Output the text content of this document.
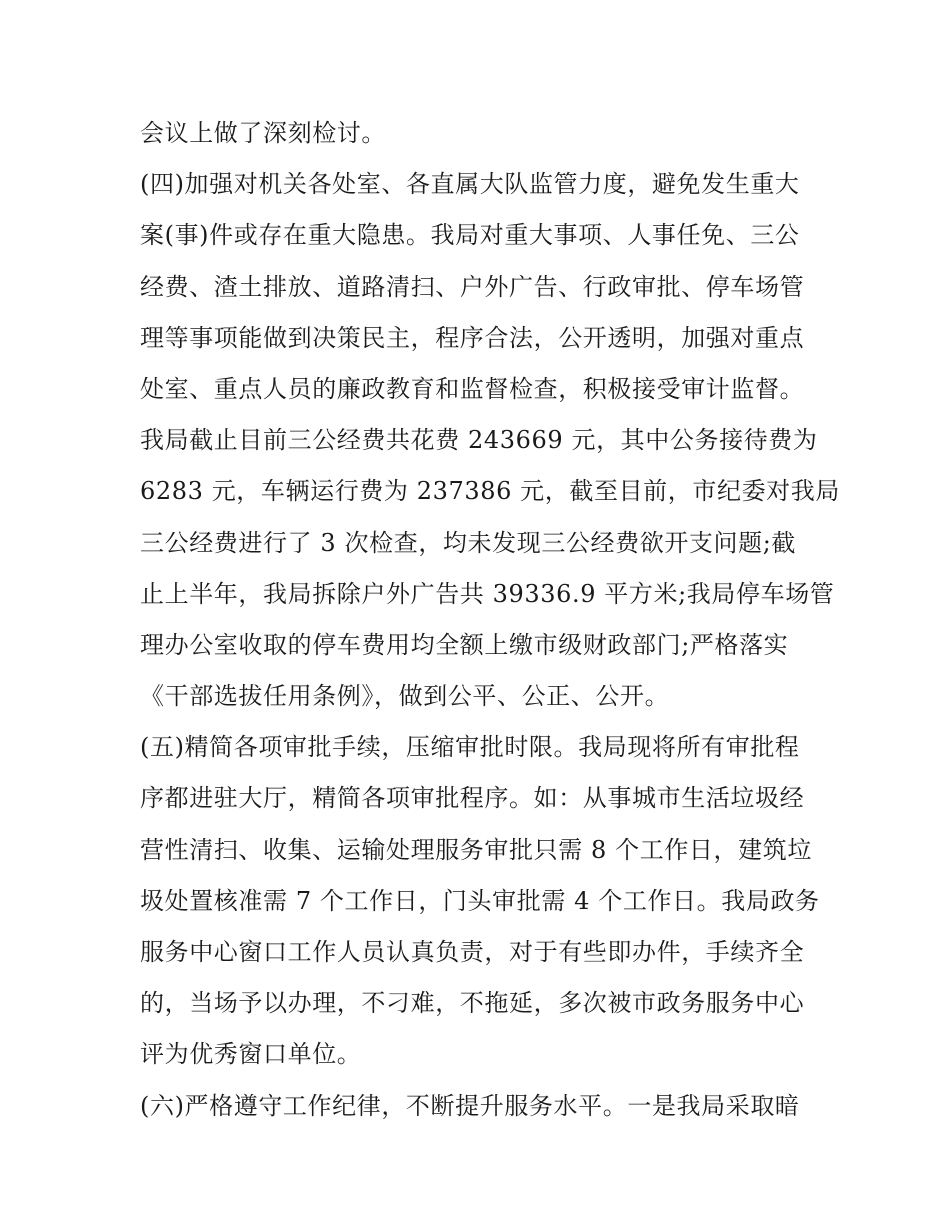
会议上做了深刻检讨。
(四)加强对机关各处室、各直属大队监管力度，避免发生重大
案(事)件或存在重大隐患。我局对重大事项、人事任免、三公
经费、渣土排放、道路清扫、户外广告、行政审批、停车场管
理等事项能做到决策民主，程序合法，公开透明，加强对重点
处室、重点人员的廉政教育和监督检查，积极接受审计监督。
我局截止目前三公经费共花费 243669 元，其中公务接待费为
6283 元，车辆运行费为 237386 元，截至目前，市纪委对我局
三公经费进行了 3 次检查，均未发现三公经费欲开支问题;截
止上半年，我局拆除户外广告共 39336.9 平方米;我局停车场管
理办公室收取的停车费用均全额上缴市级财政部门;严格落实
《干部选拔任用条例》，做到公平、公正、公开。
(五)精简各项审批手续，压缩审批时限。我局现将所有审批程
序都进驻大厅，精简各项审批程序。如：从事城市生活垃圾经
营性清扫、收集、运输处理服务审批只需 8 个工作日，建筑垃
圾处置核准需 7 个工作日，门头审批需 4 个工作日。我局政务
服务中心窗口工作人员认真负责，对于有些即办件，手续齐全
的，当场予以办理，不刁难，不拖延，多次被市政务服务中心
评为优秀窗口单位。
(六)严格遵守工作纪律，不断提升服务水平。一是我局采取暗
